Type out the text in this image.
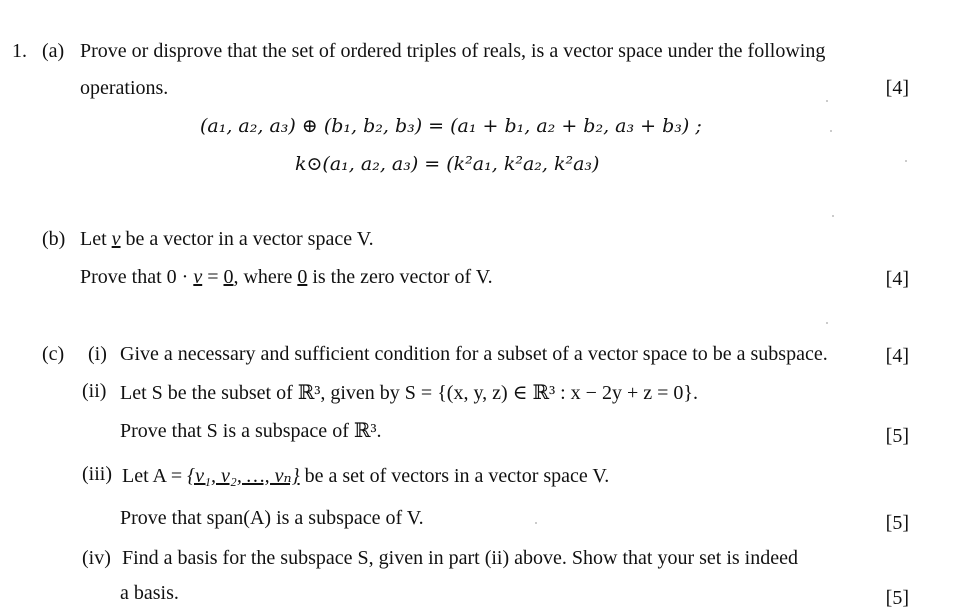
1. (a) Prove or disprove that the set of ordered triples of reals, is a vector space under the following
operations.	[4]
(a₁, a₂, a₃) ⊕ (b₁, b₂, b₃) = (a₁ + b₁, a₂ + b₂, a₃ + b₃) ;
k⊙(a₁, a₂, a₃) = (k²a₁, k²a₂, k²a₃)
(b) Let v be a vector in a vector space V.
Prove that 0 · v = 0, where 0 is the zero vector of V.	[4]
(c) (i) Give a necessary and sufficient condition for a subset of a vector space to be a subspace.	[4]
(ii) Let S be the subset of ℝ³, given by S = {(x, y, z) ∈ ℝ³ : x − 2y + z = 0}.
Prove that S is a subspace of ℝ³.	[5]
(iii) Let A = {v₁, v₂, …, vₙ} be a set of vectors in a vector space V.
Prove that span(A) is a subspace of V.	[5]
(iv) Find a basis for the subspace S, given in part (ii) above. Show that your set is indeed
a basis.	[5]
